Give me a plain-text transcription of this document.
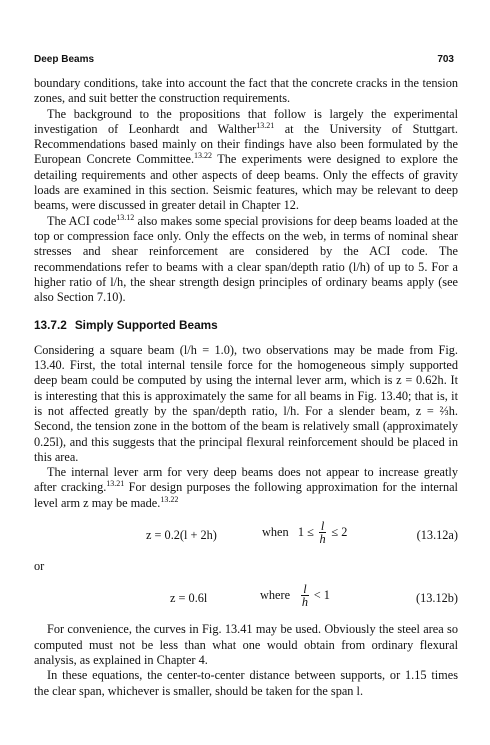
Deep Beams	703

boundary conditions, take into account the fact that the concrete cracks in the tension zones, and suit better the construction requirements.

The background to the propositions that follow is largely the experimental investigation of Leonhardt and Walther$^{13.21}$ at the University of Stuttgart. Recommendations based mainly on their findings have also been formulated by the European Concrete Committee.$^{13.22}$ The experiments were designed to explore the detailing requirements and other aspects of deep beams. Only the effects of gravity loads are examined in this section. Seismic features, which may be relevant to deep beams, were discussed in greater detail in Chapter 12.

The ACI code$^{13.12}$ also makes some special provisions for deep beams loaded at the top or compression face only. Only the effects on the web, in terms of nominal shear stresses and shear reinforcement are considered by the ACI code. The recommendations refer to beams with a clear span/depth ratio (l/h) of up to 5. For a higher ratio of l/h, the shear strength design principles of ordinary beams apply (see also Section 7.10).

13.7.2 Simply Supported Beams

Considering a square beam (l/h = 1.0), two observations may be made from Fig. 13.40. First, the total internal tensile force for the homogeneous simply supported deep beam could be computed by using the internal lever arm, which is z = 0.62h. It is interesting that this is approximately the same for all beams in Fig. 13.40; that is, it is not affected greatly by the span/depth ratio, l/h. For a slender beam, z = ⅔h. Second, the tension zone in the bottom of the beam is relatively small (approximately 0.25l), and this suggests that the principal flexural reinforcement should be placed in this area.

The internal lever arm for very deep beams does not appear to increase greatly after cracking.$^{13.21}$ For design purposes the following approximation for the internal level arm z may be made.$^{13.22}$

z = 0.2(l + 2h)	when $1 \le \frac{l}{h} \le 2$	(13.12a)

or

z = 0.6l	where $\frac{l}{h} < 1$	(13.12b)

For convenience, the curves in Fig. 13.41 may be used. Obviously the steel area so computed must not be less than what one would obtain from ordinary flexural analysis, as explained in Chapter 4.

In these equations, the center-to-center distance between supports, or 1.15 times the clear span, whichever is smaller, should be taken for the span l.
